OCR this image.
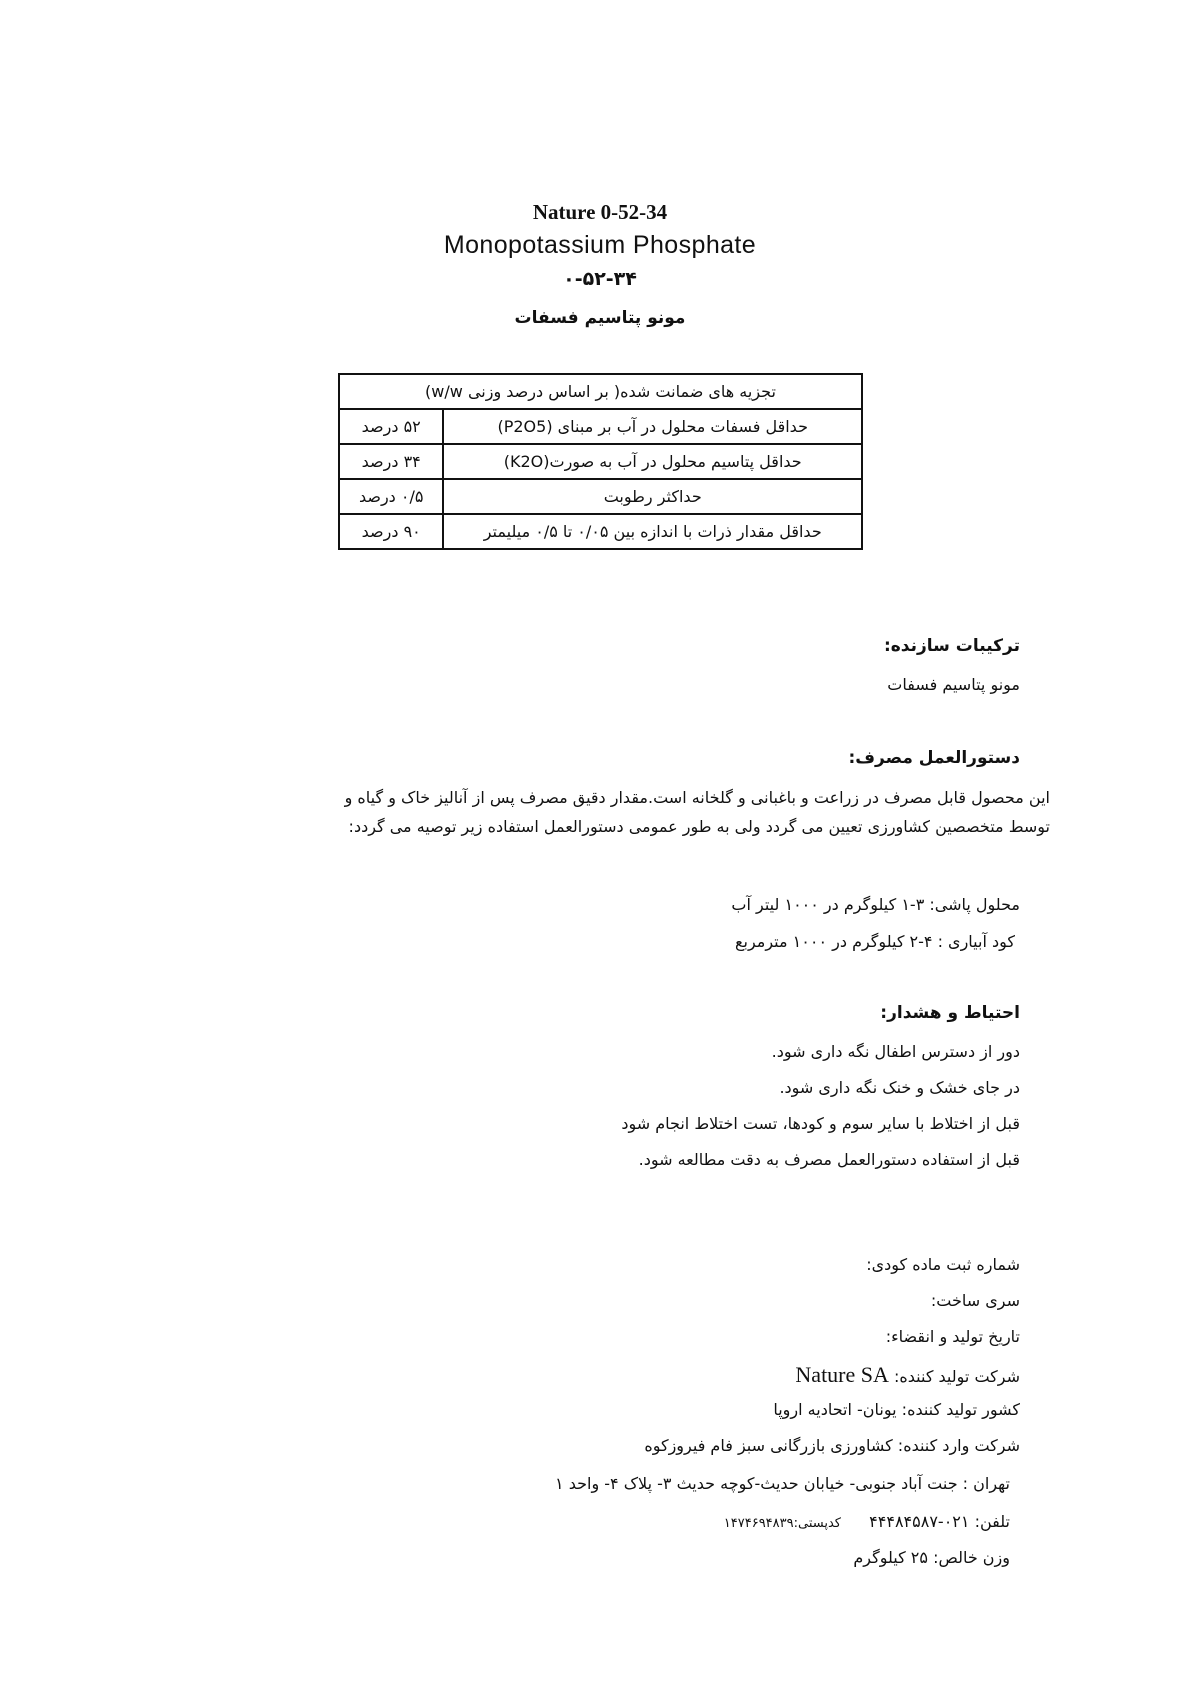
Nature 0-52-34
Monopotassium Phosphate
۰-۵۲-۳۴
مونو پتاسیم فسفات
تجزیه های ضمانت شده( بر اساس درصد وزنی w/w)	
حداقل فسفات محلول در آب بر مبنای (P2O5)	۵۲ درصد
حداقل پتاسیم محلول در آب به صورت(K2O)	۳۴ درصد
حداکثر رطوبت	۰/۵ درصد
حداقل مقدار ذرات با اندازه بین ۰/۰۵ تا ۰/۵ میلیمتر	۹۰ درصد
ترکیبات سازنده:
مونو پتاسیم فسفات
دستورالعمل مصرف:
این محصول قابل مصرف در زراعت و باغبانی و گلخانه است.مقدار دقیق مصرف پس از آنالیز خاک و گیاه و
توسط متخصصین کشاورزی تعیین می گردد ولی به طور عمومی دستورالعمل استفاده زیر توصیه می گردد:
محلول پاشی: ۳-۱ کیلوگرم در ۱۰۰۰ لیتر آب
کود آبیاری : ۴-۲ کیلوگرم در ۱۰۰۰ مترمربع
احتیاط و هشدار:
دور از دسترس اطفال نگه داری شود.
در جای خشک و خنک نگه داری شود.
قبل از اختلاط با سایر سوم و کودها، تست اختلاط انجام شود
قبل از استفاده دستورالعمل مصرف به دقت مطالعه شود.
شماره ثبت ماده کودی:
سری ساخت:
تاریخ تولید و انقضاء:
شرکت تولید کننده: Nature SA
کشور تولید کننده: یونان- اتحادیه اروپا
شرکت وارد کننده: کشاورزی بازرگانی سبز فام فیروزکوه
تهران : جنت آباد جنوبی- خیابان حدیث-کوچه حدیث ۳- پلاک ۴- واحد ۱
تلفن: ۰۲۱-۴۴۴۸۴۵۸۷  کدپستی:۱۴۷۴۶۹۴۸۳۹
وزن خالص: ۲۵ کیلوگرم
